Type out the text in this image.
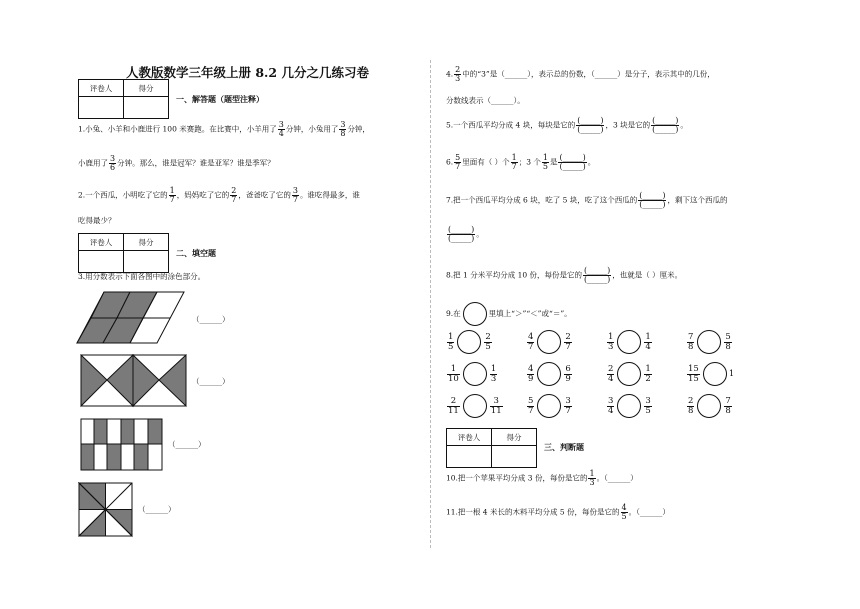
人教版数学三年级上册 8.2 几分之几练习卷
评卷人	得分

一、解答题（题型注释）
1.小兔、小羊和小鹿进行 100 米赛跑。在比赛中，小羊用了 $\frac{3}{4}$ 分钟，小兔用了 $\frac{3}{8}$ 分钟，
小鹿用了 $\frac{3}{6}$ 分钟。那么，谁是冠军？谁是亚军？谁是季军？
2.一个西瓜，小明吃了它的 $\frac{1}{7}$ ，妈妈吃了它的 $\frac{2}{7}$ ，爸爸吃了它的 $\frac{3}{7}$ 。谁吃得最多，谁
吃得最少？
评卷人	得分

二、填空题
3.用分数表示下面各图中的涂色部分。
（______）
（______）
（______）
（______）
4. $\frac{2}{3}$ 中的“3”是（______），表示总的份数，（______）是分子，表示其中的几份，
分数线表示（______）。
5.一个西瓜平均分成 4 块，每块是它的 $\frac{(\_\_\_\_\_)}{(\_\_\_\_\_)}$ ，3 块是它的 $\frac{(\_\_\_\_\_)}{(\_\_\_\_\_)}$ 。
6. $\frac{5}{7}$ 里面有（ ）个 $\frac{1}{7}$ ；3 个 $\frac{1}{5}$ 是 $\frac{(\_\_\_\_\_)}{(\_\_\_\_\_)}$ 。
7.把一个西瓜平均分成 6 块，吃了 5 块，吃了这个西瓜的 $\frac{(\_\_\_\_\_)}{(\_\_\_\_\_)}$ ，剩下这个西瓜的
$\frac{(\_\_\_\_\_)}{(\_\_\_\_\_)}$ 。
8.把 1 分米平均分成 10 份，每份是它的 $\frac{(\_\_\_\_\_)}{(\_\_\_\_\_)}$ ，也就是（ ）厘米。
9.在	里填上“＞”“＜”或“＝”。
$\frac{1}{5}$	$\frac{2}{5}$	$\frac{4}{7}$	$\frac{2}{7}$	$\frac{1}{3}$	$\frac{1}{4}$	$\frac{7}{8}$	$\frac{5}{8}$
$\frac{1}{10}$	$\frac{1}{3}$	$\frac{4}{9}$	$\frac{6}{9}$	$\frac{2}{4}$	$\frac{1}{2}$	$\frac{15}{15}$	1
$\frac{2}{11}$	$\frac{3}{11}$	$\frac{5}{7}$	$\frac{3}{7}$	$\frac{3}{4}$	$\frac{3}{5}$	$\frac{2}{8}$	$\frac{7}{8}$
评卷人	得分

三、判断题
10.把一个苹果平均分成 3 份，每份是它的 $\frac{1}{3}$ 。（______）
11.把一根 4 米长的木料平均分成 5 份，每份是它的 $\frac{4}{5}$ 。（______）
